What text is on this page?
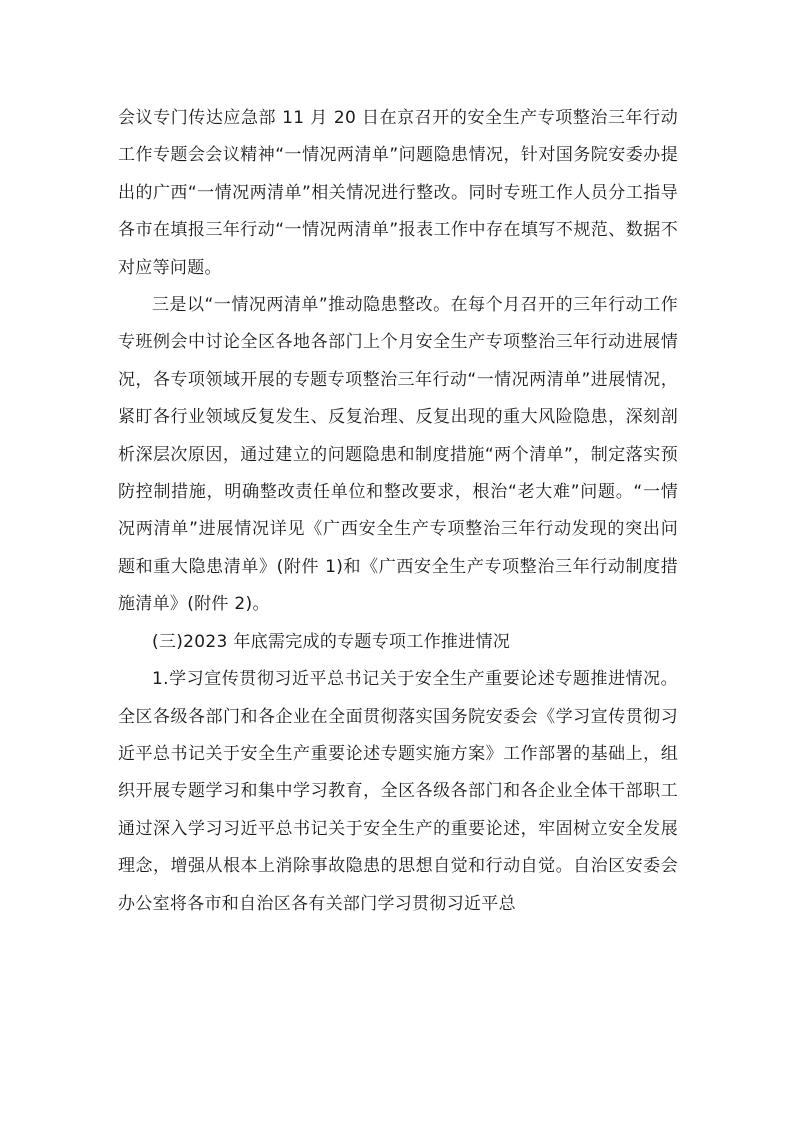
会议专门传达应急部 11 月 20 日在京召开的安全生产专项整治三年行动工作专题会会议精神“一情况两清单”问题隐患情况，针对国务院安委办提出的广西“一情况两清单”相关情况进行整改。同时专班工作人员分工指导各市在填报三年行动“一情况两清单”报表工作中存在填写不规范、数据不对应等问题。

三是以“一情况两清单”推动隐患整改。在每个月召开的三年行动工作专班例会中讨论全区各地各部门上个月安全生产专项整治三年行动进展情况，各专项领域开展的专题专项整治三年行动“一情况两清单”进展情况，紧盯各行业领域反复发生、反复治理、反复出现的重大风险隐患，深刻剖析深层次原因，通过建立的问题隐患和制度措施“两个清单”，制定落实预防控制措施，明确整改责任单位和整改要求，根治“老大难”问题。“一情况两清单”进展情况详见《广西安全生产专项整治三年行动发现的突出问题和重大隐患清单》(附件 1)和《广西安全生产专项整治三年行动制度措施清单》(附件 2)。

(三)2023 年底需完成的专题专项工作推进情况

1.学习宣传贯彻习近平总书记关于安全生产重要论述专题推进情况。全区各级各部门和各企业在全面贯彻落实国务院安委会《学习宣传贯彻习近平总书记关于安全生产重要论述专题实施方案》工作部署的基础上，组织开展专题学习和集中学习教育，全区各级各部门和各企业全体干部职工通过深入学习习近平总书记关于安全生产的重要论述，牢固树立安全发展理念，增强从根本上消除事故隐患的思想自觉和行动自觉。自治区安委会办公室将各市和自治区各有关部门学习贯彻习近平总
